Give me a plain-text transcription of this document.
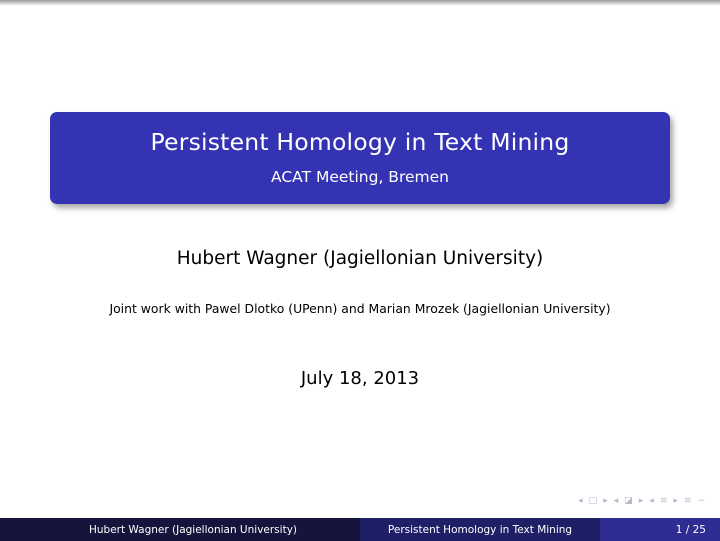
Persistent Homology in Text Mining
ACAT Meeting, Bremen
Hubert Wagner (Jagiellonian University)
Joint work with Pawel Dlotko (UPenn) and Marian Mrozek (Jagiellonian University)
July 18, 2013
◂ □ ▸ ◂ ◪ ▸ ◂ ≡ ▸ ≡ ∽
Hubert Wagner (Jagiellonian University)	Persistent Homology in Text Mining	1 / 25
